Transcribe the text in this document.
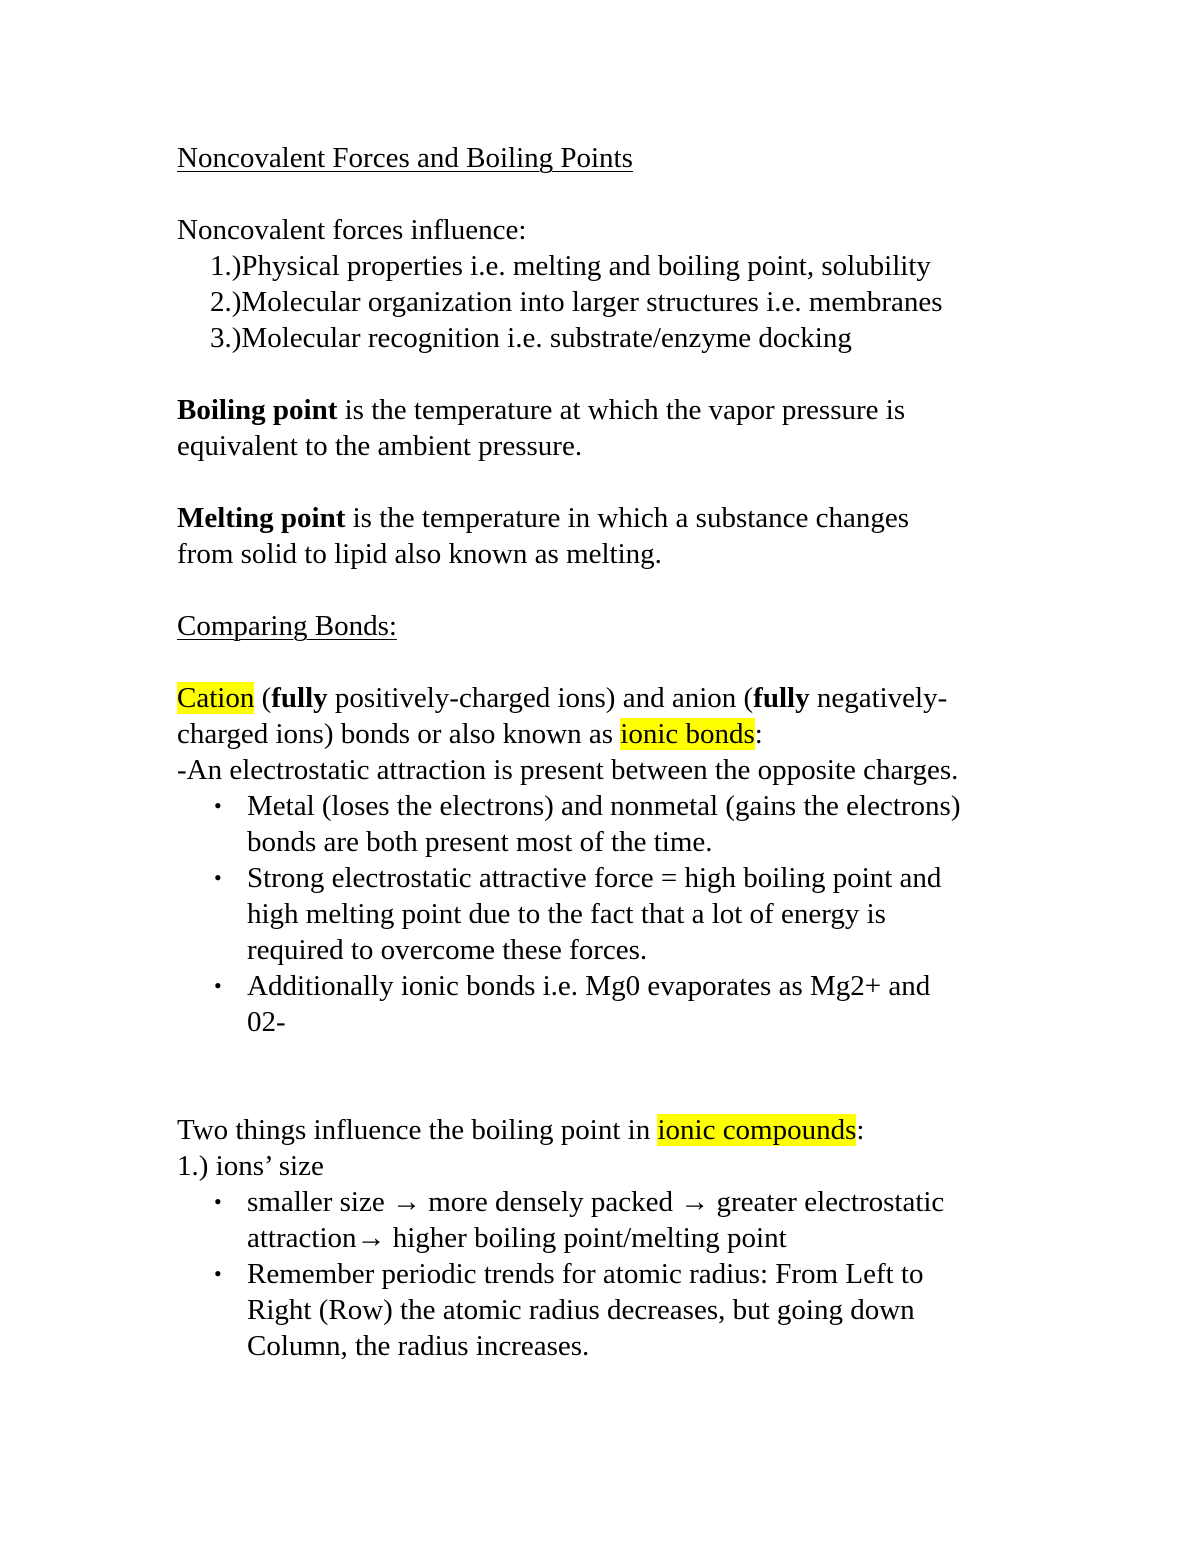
Noncovalent Forces and Boiling Points

Noncovalent forces influence:

1.)Physical properties i.e. melting and boiling point, solubility
2.)Molecular organization into larger structures i.e. membranes
3.)Molecular recognition i.e. substrate/enzyme docking

Boiling point is the temperature at which the vapor pressure is

equivalent to the ambient pressure.

Melting point is the temperature in which a substance changes

from solid to lipid also known as melting.

Comparing Bonds:

Cation (fully positively-charged ions) and anion (fully negatively-

charged ions) bonds or also known as ionic bonds:

-An electrostatic attraction is present between the opposite charges.

• Metal (loses the electrons) and nonmetal (gains the electrons)
bonds are both present most of the time.
• Strong electrostatic attractive force = high boiling point and
high melting point due to the fact that a lot of energy is
required to overcome these forces.
• Additionally ionic bonds i.e. Mg0 evaporates as Mg2+ and
02-

Two things influence the boiling point in ionic compounds:

1.) ions’ size

• smaller size → more densely packed → greater electrostatic
attraction→ higher boiling point/melting point
• Remember periodic trends for atomic radius: From Left to
Right (Row) the atomic radius decreases, but going down
Column, the radius increases.
